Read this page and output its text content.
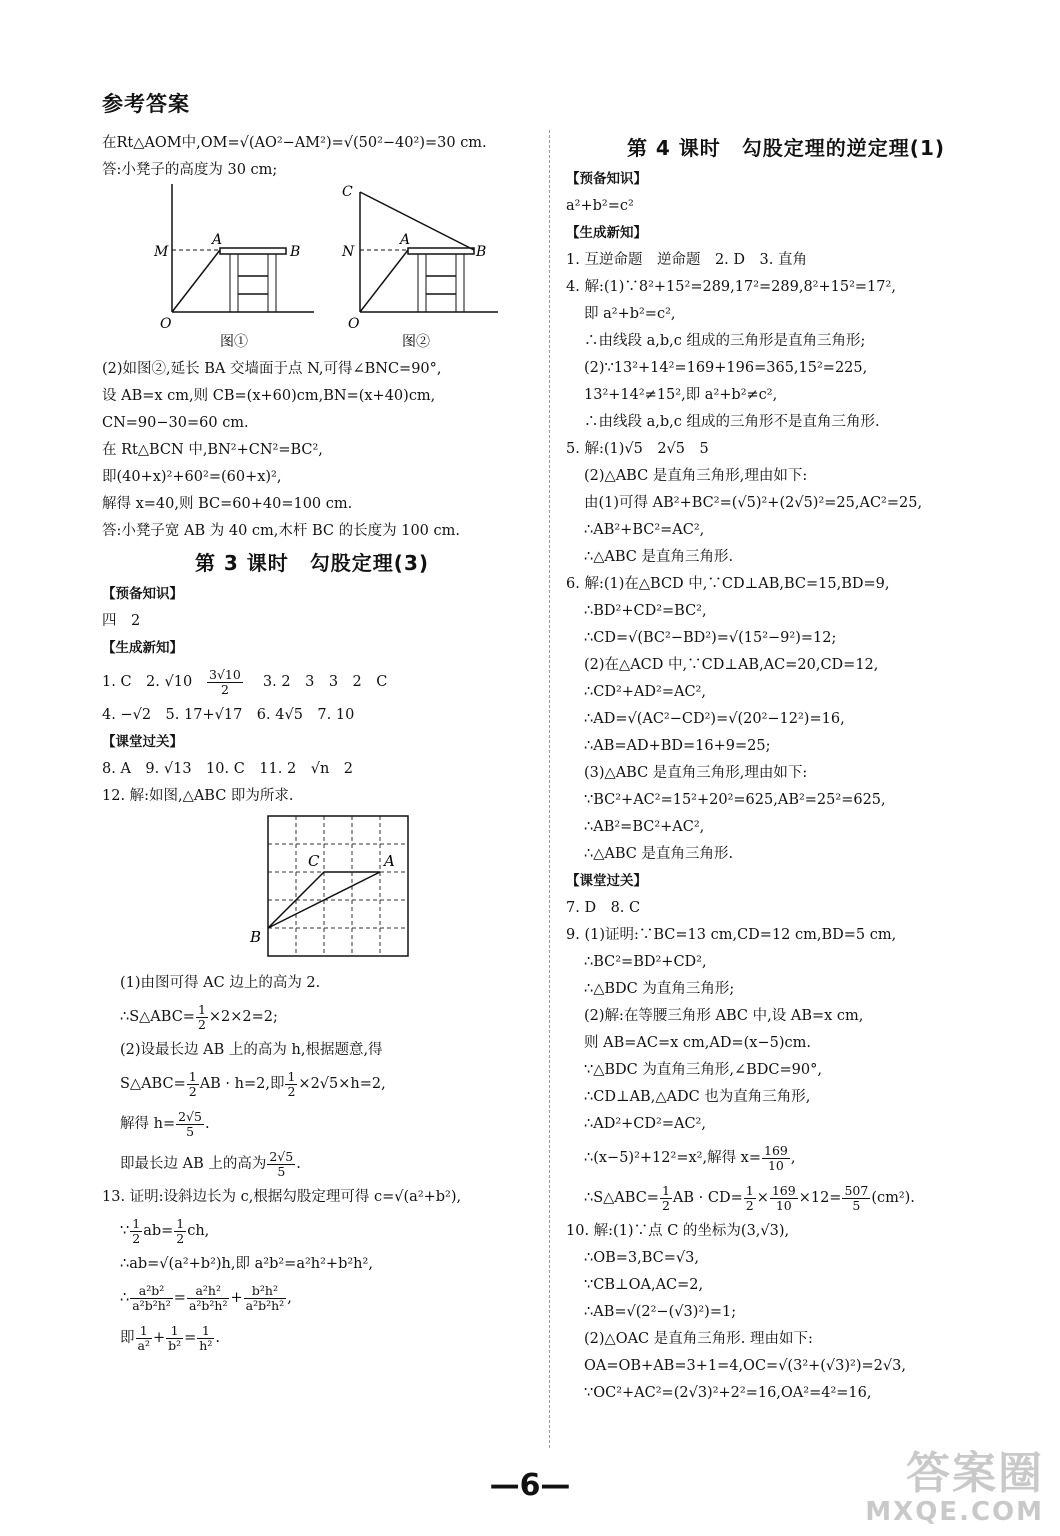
参考答案
在Rt△AOM中,OM=√(AO²−AM²)=√(50²−40²)=30 cm.
答:小凳子的高度为 30 cm;
M
A
B
O
图①
C
N
A
B
O
图②
(2)如图②,延长 BA 交墙面于点 N,可得∠BNC=90°,
设 AB=x cm,则 CB=(x+60)cm,BN=(x+40)cm,
CN=90−30=60 cm.
在 Rt△BCN 中,BN²+CN²=BC²,
即(40+x)²+60²=(60+x)²,
解得 x=40,则 BC=60+40=100 cm.
答:小凳子宽 AB 为 40 cm,木杆 BC 的长度为 100 cm.
第 3 课时　勾股定理(3)
【预备知识】
四　2
【生成新知】
1. C　2. $√10 \frac{3√10}{2}$ 　3. 2　3　3　2　C
4. −√2　5. 17+√17　6. 4√5　7. 10
【课堂过关】
8. A　9. √13　10. C　11. 2　√n　2
12. 解:如图,△ABC 即为所求.
C	A
B
(1)由图可得 AC 边上的高为 2.
∴S△ABC= $\frac{1}{2} \times 2\times 2=2$;
(2)设最长边 AB 上的高为 h,根据题意,得
S△ABC= $\frac{1}{2}$ AB · h=2,即 $\frac{1}{2} \times 2√5\times h=2$,
解得 $h= \frac{2√5}{5}$ .
即最长边 AB 上的高为 $\frac{2√5}{5}$ .
13. 证明:设斜边长为 c,根据勾股定理可得 c=√(a²+b²),
∵ $\frac{1}{2} ab= \frac{1}{2}$ ch,
∴ab=√(a²+b²)h,即 a²b²=a²h²+b²h²,
∴ $\frac{\text{a²b²}}{\text{a²b²h²}} = \frac{\text{a²h²}}{\text{a²b²h²}} + \frac{\text{b²h²}}{\text{a²b²h²}}$ ,
即 $\frac{1}{\text{a²}} + \frac{1}{\text{b²}} = \frac{1}{\text{h²}}$ .
第 4 课时　勾股定理的逆定理(1)
【预备知识】
a²+b²=c²
【生成新知】
1. 互逆命题　逆命题　2. D　3. 直角
4. 解:(1)∵8²+15²=289,17²=289,8²+15²=17²,
即 a²+b²=c²,
∴由线段 a,b,c 组成的三角形是直角三角形;
(2)∵13²+14²=169+196=365,15²=225,
13²+14²≠15²,即 a²+b²≠c²,
∴由线段 a,b,c 组成的三角形不是直角三角形.
5. 解:(1)√5　2√5　5
(2)△ABC 是直角三角形,理由如下:
由(1)可得 AB²+BC²=(√5)²+(2√5)²=25,AC²=25,
∴AB²+BC²=AC²,
∴△ABC 是直角三角形.
6. 解:(1)在△BCD 中,∵CD⊥AB,BC=15,BD=9,
∴BD²+CD²=BC²,
∴CD=√(BC²−BD²)=√(15²−9²)=12;
(2)在△ACD 中,∵CD⊥AB,AC=20,CD=12,
∴CD²+AD²=AC²,
∴AD=√(AC²−CD²)=√(20²−12²)=16,
∴AB=AD+BD=16+9=25;
(3)△ABC 是直角三角形,理由如下:
∵BC²+AC²=15²+20²=625,AB²=25²=625,
∴AB²=BC²+AC²,
∴△ABC 是直角三角形.
【课堂过关】
7. D　8. C
9. (1)证明:∵BC=13 cm,CD=12 cm,BD=5 cm,
∴BC²=BD²+CD²,
∴△BDC 为直角三角形;
(2)解:在等腰三角形 ABC 中,设 AB=x cm,
则 AB=AC=x cm,AD=(x−5)cm.
∵△BDC 为直角三角形,∠BDC=90°,
∴CD⊥AB,△ADC 也为直角三角形,
∴AD²+CD²=AC²,
∴(x−5)²+12²=x²,解得 $x= \frac{169}{10}$ ,
∴S△ABC= $\frac{1}{2}$ AB · $CD= \frac{1}{2} \times \frac{169}{10} \times 12= \frac{507}{5} (cm^2)$.
10. 解:(1)∵点 C 的坐标为(3,√3),
∴OB=3,BC=√3,
∵CB⊥OA,AC=2,
∴AB=√(2²−(√3)²)=1;
(2)△OAC 是直角三角形. 理由如下:
OA=OB+AB=3+1=4,OC=√(3²+(√3)²)=2√3,
∵OC²+AC²=(2√3)²+2²=16,OA²=4²=16,
—6—	答案圈
MXQE.COM
